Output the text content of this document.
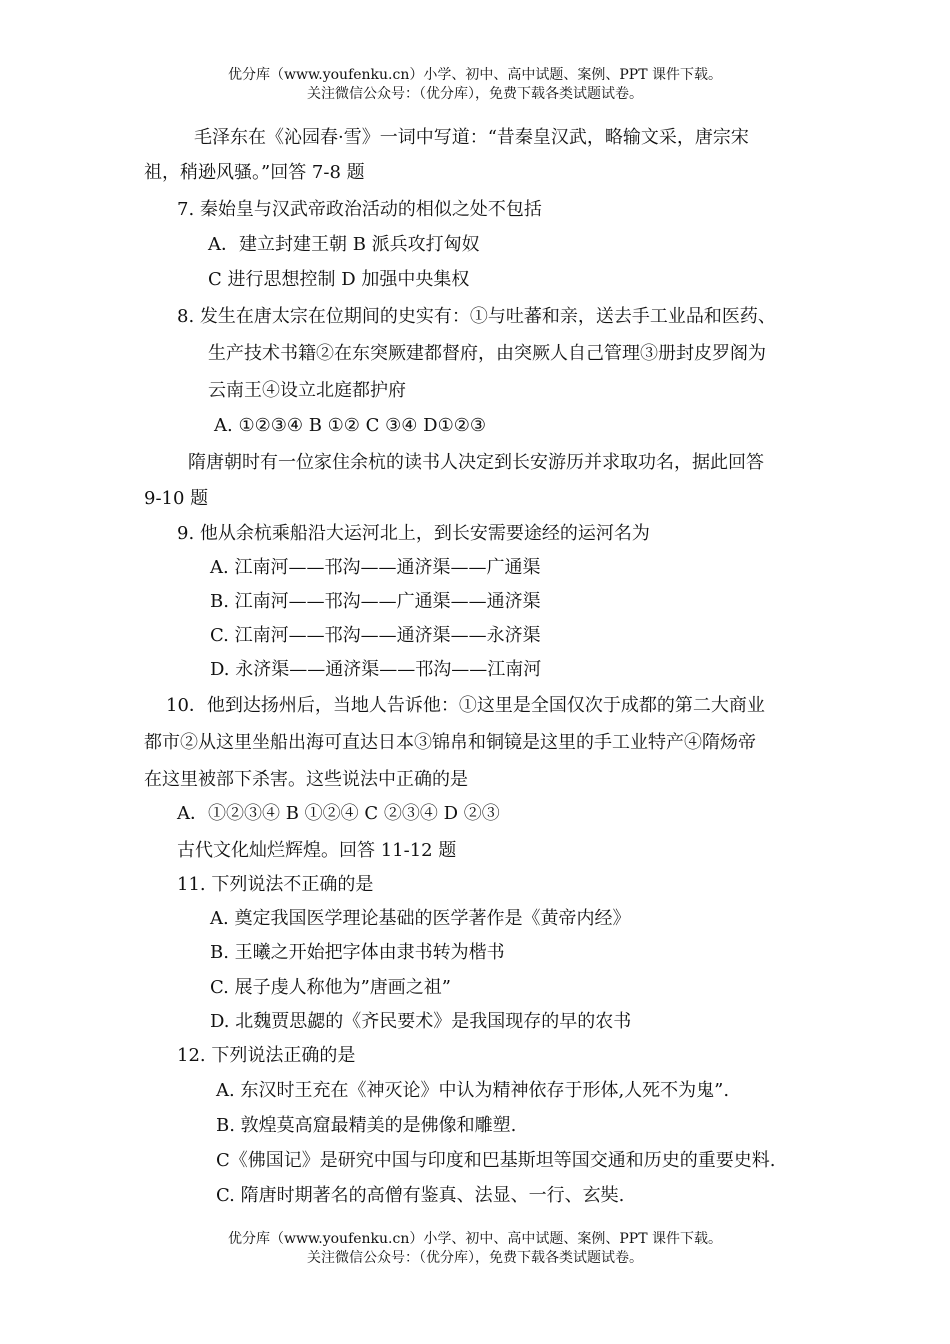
优分库（www.youfenku.cn）小学、初中、高中试题、案例、PPT 课件下载。
关注微信公众号：（优分库），免费下载各类试题试卷。
毛泽东在《沁园春·雪》一词中写道：“昔秦皇汉武，略输文采，唐宗宋
祖，稍逊风骚。”回答 7-8 题
7. 秦始皇与汉武帝政治活动的相似之处不包括
A．建立封建王朝 B 派兵攻打匈奴
C 进行思想控制 D 加强中央集权
8. 发生在唐太宗在位期间的史实有：①与吐蕃和亲，送去手工业品和医药、
生产技术书籍②在东突厥建都督府，由突厥人自己管理③册封皮罗阁为
云南王④设立北庭都护府
A. ①②③④ B ①② C ③④ D①②③
隋唐朝时有一位家住余杭的读书人决定到长安游历并求取功名，据此回答
9-10 题
9. 他从余杭乘船沿大运河北上，到长安需要途经的运河名为
A. 江南河——邗沟——通济渠——广通渠
B. 江南河——邗沟——广通渠——通济渠
C. 江南河——邗沟——通济渠——永济渠
D. 永济渠——通济渠——邗沟——江南河
10．他到达扬州后，当地人告诉他：①这里是全国仅次于成都的第二大商业
都市②从这里坐船出海可直达日本③锦帛和铜镜是这里的手工业特产④隋炀帝
在这里被部下杀害。这些说法中正确的是
A．①②③④ B ①②④ C ②③④ D ②③
古代文化灿烂辉煌。回答 11-12 题
11. 下列说法不正确的是
A. 奠定我国医学理论基础的医学著作是《黄帝内经》
B. 王曦之开始把字体由隶书转为楷书
C. 展子虔人称他为”唐画之祖”
D. 北魏贾思勰的《齐民要术》是我国现存的早的农书
12. 下列说法正确的是
A. 东汉时王充在《神灭论》中认为精神依存于形体,人死不为鬼”.
B. 敦煌莫高窟最精美的是佛像和雕塑.
C《佛国记》是研究中国与印度和巴基斯坦等国交通和历史的重要史料.
C. 隋唐时期著名的高僧有鉴真、法显、一行、玄奘.
优分库（www.youfenku.cn）小学、初中、高中试题、案例、PPT 课件下载。
关注微信公众号：（优分库），免费下载各类试题试卷。
